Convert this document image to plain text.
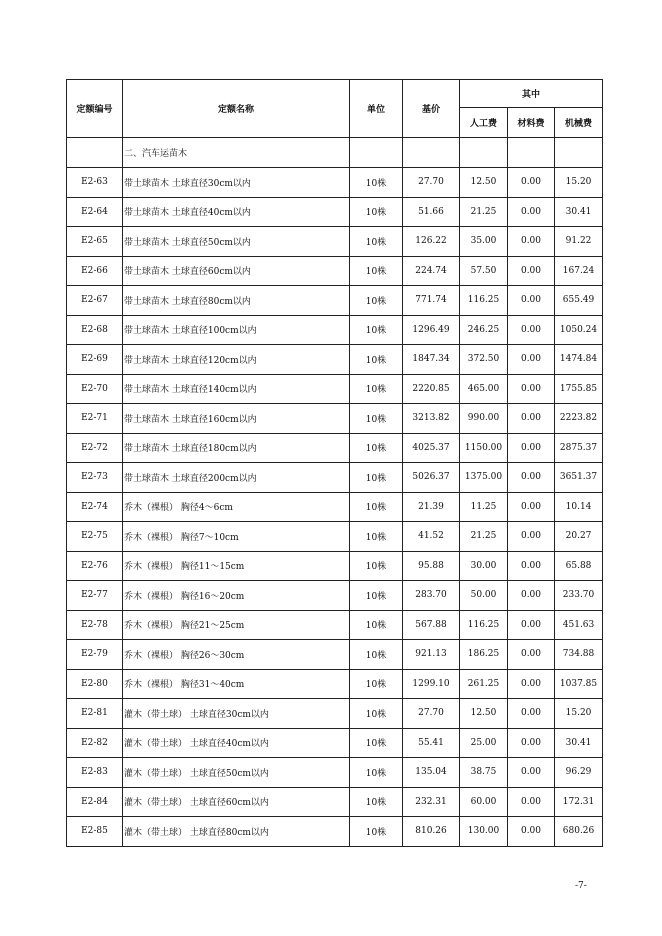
定额编号	定额名称	单位	基价	其中		
				人工费	材料费	机械费
	二、汽车运苗木					
E2-63	带土球苗木 土球直径30cm以内	10株	27.70	12.50	0.00	15.20
E2-64	带土球苗木 土球直径40cm以内	10株	51.66	21.25	0.00	30.41
E2-65	带土球苗木 土球直径50cm以内	10株	126.22	35.00	0.00	91.22
E2-66	带土球苗木 土球直径60cm以内	10株	224.74	57.50	0.00	167.24
E2-67	带土球苗木 土球直径80cm以内	10株	771.74	116.25	0.00	655.49
E2-68	带土球苗木 土球直径100cm以内	10株	1296.49	246.25	0.00	1050.24
E2-69	带土球苗木 土球直径120cm以内	10株	1847.34	372.50	0.00	1474.84
E2-70	带土球苗木 土球直径140cm以内	10株	2220.85	465.00	0.00	1755.85
E2-71	带土球苗木 土球直径160cm以内	10株	3213.82	990.00	0.00	2223.82
E2-72	带土球苗木 土球直径180cm以内	10株	4025.37	1150.00	0.00	2875.37
E2-73	带土球苗木 土球直径200cm以内	10株	5026.37	1375.00	0.00	3651.37
E2-74	乔木（裸根） 胸径4～6cm	10株	21.39	11.25	0.00	10.14
E2-75	乔木（裸根） 胸径7～10cm	10株	41.52	21.25	0.00	20.27
E2-76	乔木（裸根） 胸径11～15cm	10株	95.88	30.00	0.00	65.88
E2-77	乔木（裸根） 胸径16～20cm	10株	283.70	50.00	0.00	233.70
E2-78	乔木（裸根） 胸径21～25cm	10株	567.88	116.25	0.00	451.63
E2-79	乔木（裸根） 胸径26～30cm	10株	921.13	186.25	0.00	734.88
E2-80	乔木（裸根） 胸径31～40cm	10株	1299.10	261.25	0.00	1037.85
E2-81	灌木（带土球） 土球直径30cm以内	10株	27.70	12.50	0.00	15.20
E2-82	灌木（带土球） 土球直径40cm以内	10株	55.41	25.00	0.00	30.41
E2-83	灌木（带土球） 土球直径50cm以内	10株	135.04	38.75	0.00	96.29
E2-84	灌木（带土球） 土球直径60cm以内	10株	232.31	60.00	0.00	172.31
E2-85	灌木（带土球） 土球直径80cm以内	10株	810.26	130.00	0.00	680.26
-7-
